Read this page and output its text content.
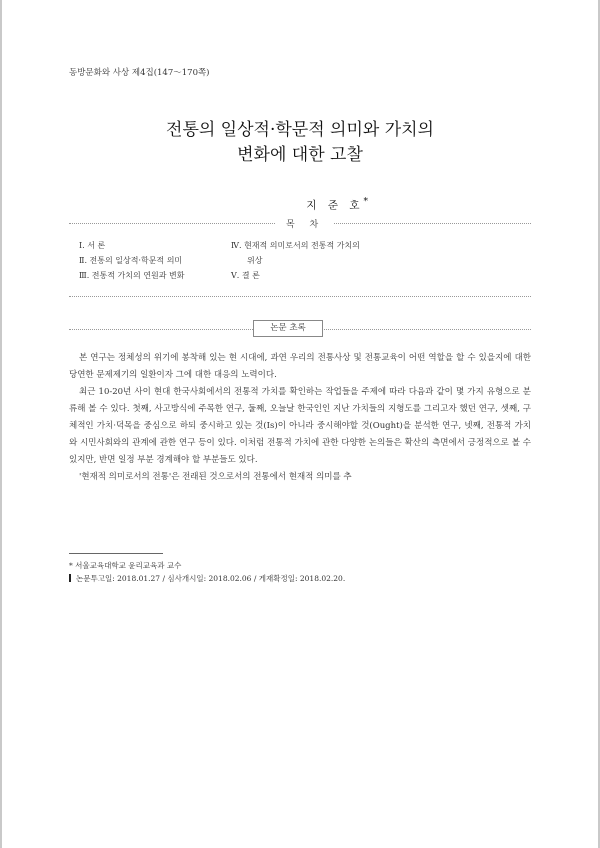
동방문화와 사상 제4집(147～170쪽)
전통의 일상적·학문적 의미와 가치의
변화에 대한 고찰
지 준 호*
목 차
Ⅰ. 서 론
Ⅱ. 전통의 일상적·학문적 의미
Ⅲ. 전통적 가치의 연원과 변화
Ⅳ. 현재적 의미로서의 전통적 가치의
위상
Ⅴ. 결 론
논문 초록

본 연구는 정체성의 위기에 봉착해 있는 현 시대에, 과연 우리의 전통사상 및 전통교육이 어떤 역할을 할 수 있을지에 대한 당연한 문제제기의 일환이자 그에 대한 대응의 노력이다.

최근 10-20년 사이 현대 한국사회에서의 전통적 가치를 확인하는 작업들을 주제에 따라 다음과 같이 몇 가지 유형으로 분류해 볼 수 있다. 첫째, 사고방식에 주목한 연구, 둘째, 오늘날 한국인인 지난 가치들의 지형도를 그리고자 했던 연구, 셋째, 구체적인 가치·덕목을 중심으로 하되 중시하고 있는 것(Is)이 아니라 중시해야할 것(Ought)을 분석한 연구, 넷째, 전통적 가치와 시민사회와의 관계에 관한 연구 등이 있다. 이처럼 전통적 가치에 관한 다양한 논의들은 확산의 측면에서 긍정적으로 볼 수 있지만, 반면 일정 부분 경계해야 할 부분들도 있다.

'현재적 의미로서의 전통'은 전래된 것으로서의 전통에서 현재적 의미를 추

* 서울교육대학교 윤리교육과 교수
논문투고일: 2018.01.27 / 심사개시일: 2018.02.06 / 게재확정일: 2018.02.20.
